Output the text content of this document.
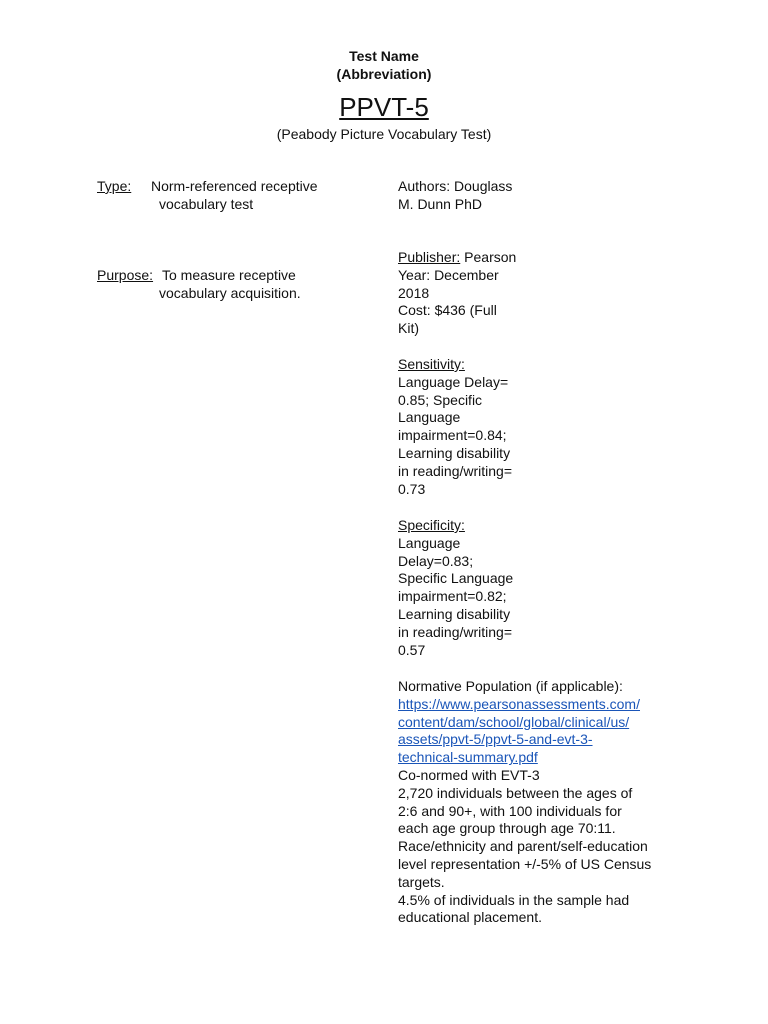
Test Name
(Abbreviation)
PPVT-5
(Peabody Picture Vocabulary Test)
Type: Norm-referenced receptive
vocabulary test
Purpose: To measure receptive
vocabulary acquisition.
Authors: Douglass
M. Dunn PhD
Publisher: Pearson
Year: December
2018
Cost: $436 (Full
Kit)
Sensitivity:
Language Delay=
0.85; Specific
Language
impairment=0.84;
Learning disability
in reading/writing=
0.73
Specificity:
Language
Delay=0.83;
Specific Language
impairment=0.82;
Learning disability
in reading/writing=
0.57
Normative Population (if applicable):
https://www.pearsonassessments.com/
content/dam/school/global/clinical/us/
assets/ppvt-5/ppvt-5-and-evt-3-
technical-summary.pdf
Co-normed with EVT-3
2,720 individuals between the ages of
2:6 and 90+, with 100 individuals for
each age group through age 70:11.
Race/ethnicity and parent/self-education
level representation +/-5% of US Census
targets.
4.5% of individuals in the sample had
educational placement.
